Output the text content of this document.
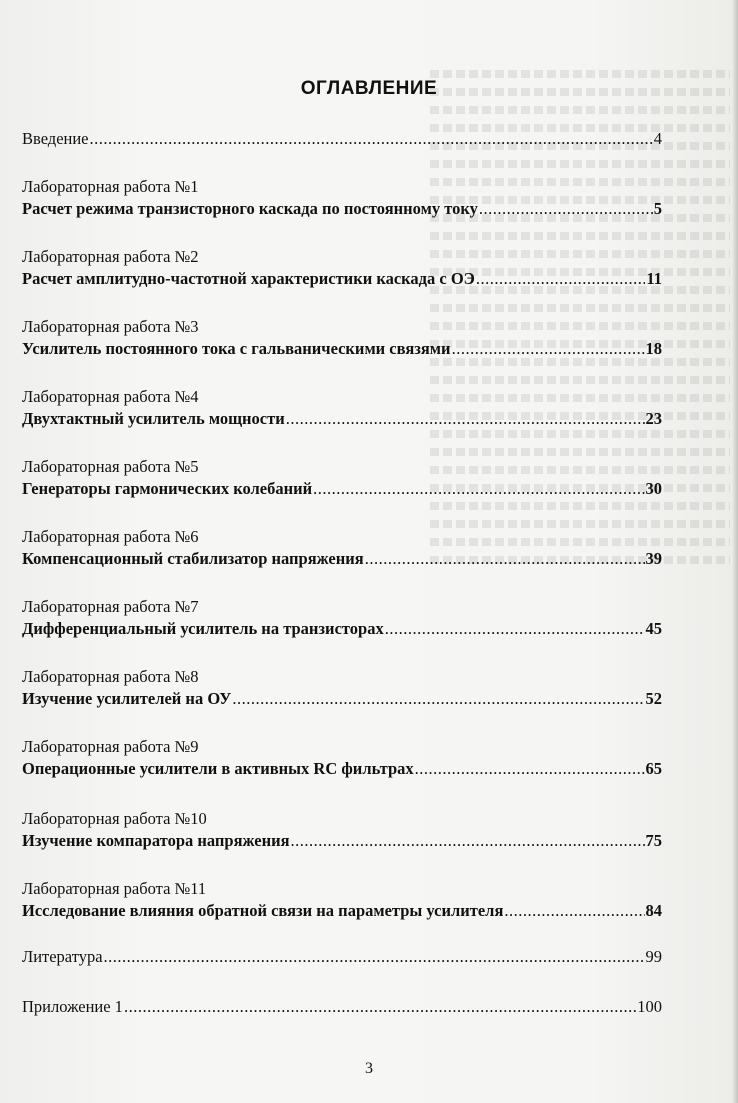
ОГЛАВЛЕНИЕ
Введение .....	4
Лабораторная работа №1
Расчет режима транзисторного каскада по постоянному току .....	5
Лабораторная работа №2
Расчет амплитудно-частотной характеристики каскада с ОЭ .....	11
Лабораторная работа №3
Усилитель постоянного тока с гальваническими связями .....	18
Лабораторная работа №4
Двухтактный усилитель мощности .....	23
Лабораторная работа №5
Генераторы гармонических колебаний .....	30
Лабораторная работа №6
Компенсационный стабилизатор напряжения .....	39
Лабораторная работа №7
Дифференциальный усилитель на транзисторах .....	45
Лабораторная работа №8
Изучение усилителей на ОУ .....	52
Лабораторная работа №9
Операционные усилители в активных RC фильтрах .....	65
Лабораторная работа №10
Изучение компаратора напряжения .....	75
Лабораторная работа №11
Исследование влияния обратной связи на параметры усилителя .....	84
Литература .....	99
Приложение 1 .....	100
3
